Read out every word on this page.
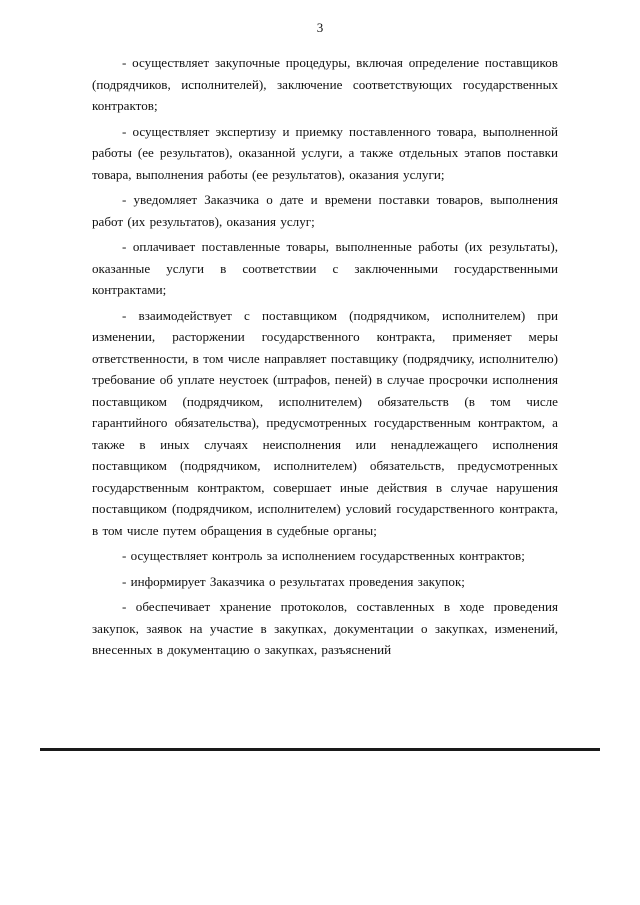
3

- осуществляет закупочные процедуры, включая определение поставщиков (подрядчиков, исполнителей), заключение соответствующих государственных контрактов;

- осуществляет экспертизу и приемку поставленного товара, выполненной работы (ее результатов), оказанной услуги, а также отдельных этапов поставки товара, выполнения работы (ее результатов), оказания услуги;

- уведомляет Заказчика о дате и времени поставки товаров, выполнения работ (их результатов), оказания услуг;

- оплачивает поставленные товары, выполненные работы (их результаты), оказанные услуги в соответствии с заключенными государственными контрактами;

- взаимодействует с поставщиком (подрядчиком, исполнителем) при изменении, расторжении государственного контракта, применяет меры ответственности, в том числе направляет поставщику (подрядчику, исполнителю) требование об уплате неустоек (штрафов, пеней) в случае просрочки исполнения поставщиком (подрядчиком, исполнителем) обязательств (в том числе гарантийного обязательства), предусмотренных государственным контрактом, а также в иных случаях неисполнения или ненадлежащего исполнения поставщиком (подрядчиком, исполнителем) обязательств, предусмотренных государственным контрактом, совершает иные действия в случае нарушения поставщиком (подрядчиком, исполнителем) условий государственного контракта, в том числе путем обращения в судебные органы;

- осуществляет контроль за исполнением государственных контрактов;

- информирует Заказчика о результатах проведения закупок;

- обеспечивает хранение протоколов, составленных в ходе проведения закупок, заявок на участие в закупках, документации о закупках, изменений, внесенных в документацию о закупках, разъяснений
